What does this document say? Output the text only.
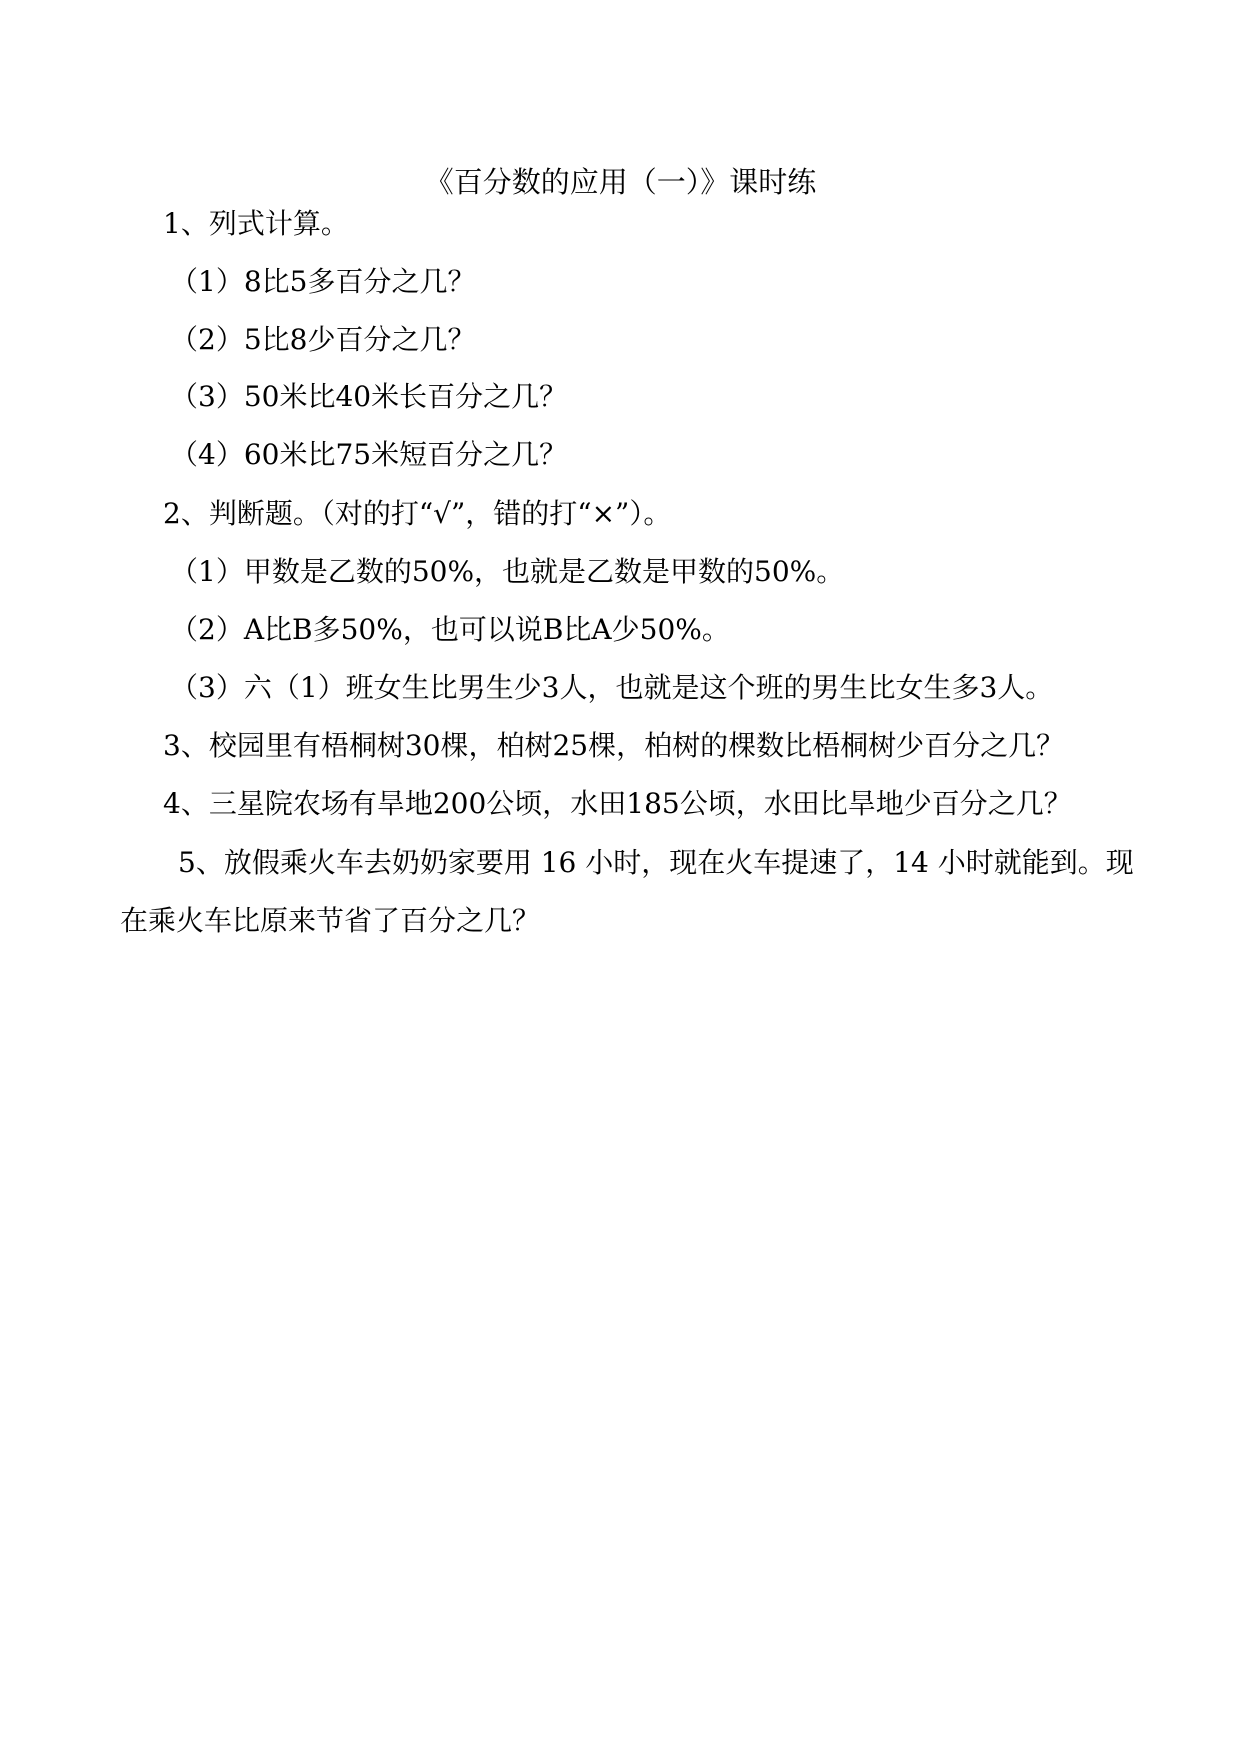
《百分数的应用（一）》课时练
1、列式计算。
（1）8比5多百分之几？
（2）5比8少百分之几？
（3）50米比40米长百分之几？
（4）60米比75米短百分之几？
2、判断题。（对的打“√”，错的打“×”）。
（1）甲数是乙数的50%，也就是乙数是甲数的50%。
（2）A比B多50%，也可以说B比A少50%。
（3）六（1）班女生比男生少3人，也就是这个班的男生比女生多3人。
3、校园里有梧桐树30棵，柏树25棵，柏树的棵数比梧桐树少百分之几？
4、三星院农场有旱地200公顷，水田185公顷，水田比旱地少百分之几？
5、放假乘火车去奶奶家要用 16 小时，现在火车提速了，14 小时就能到。现
在乘火车比原来节省了百分之几？
